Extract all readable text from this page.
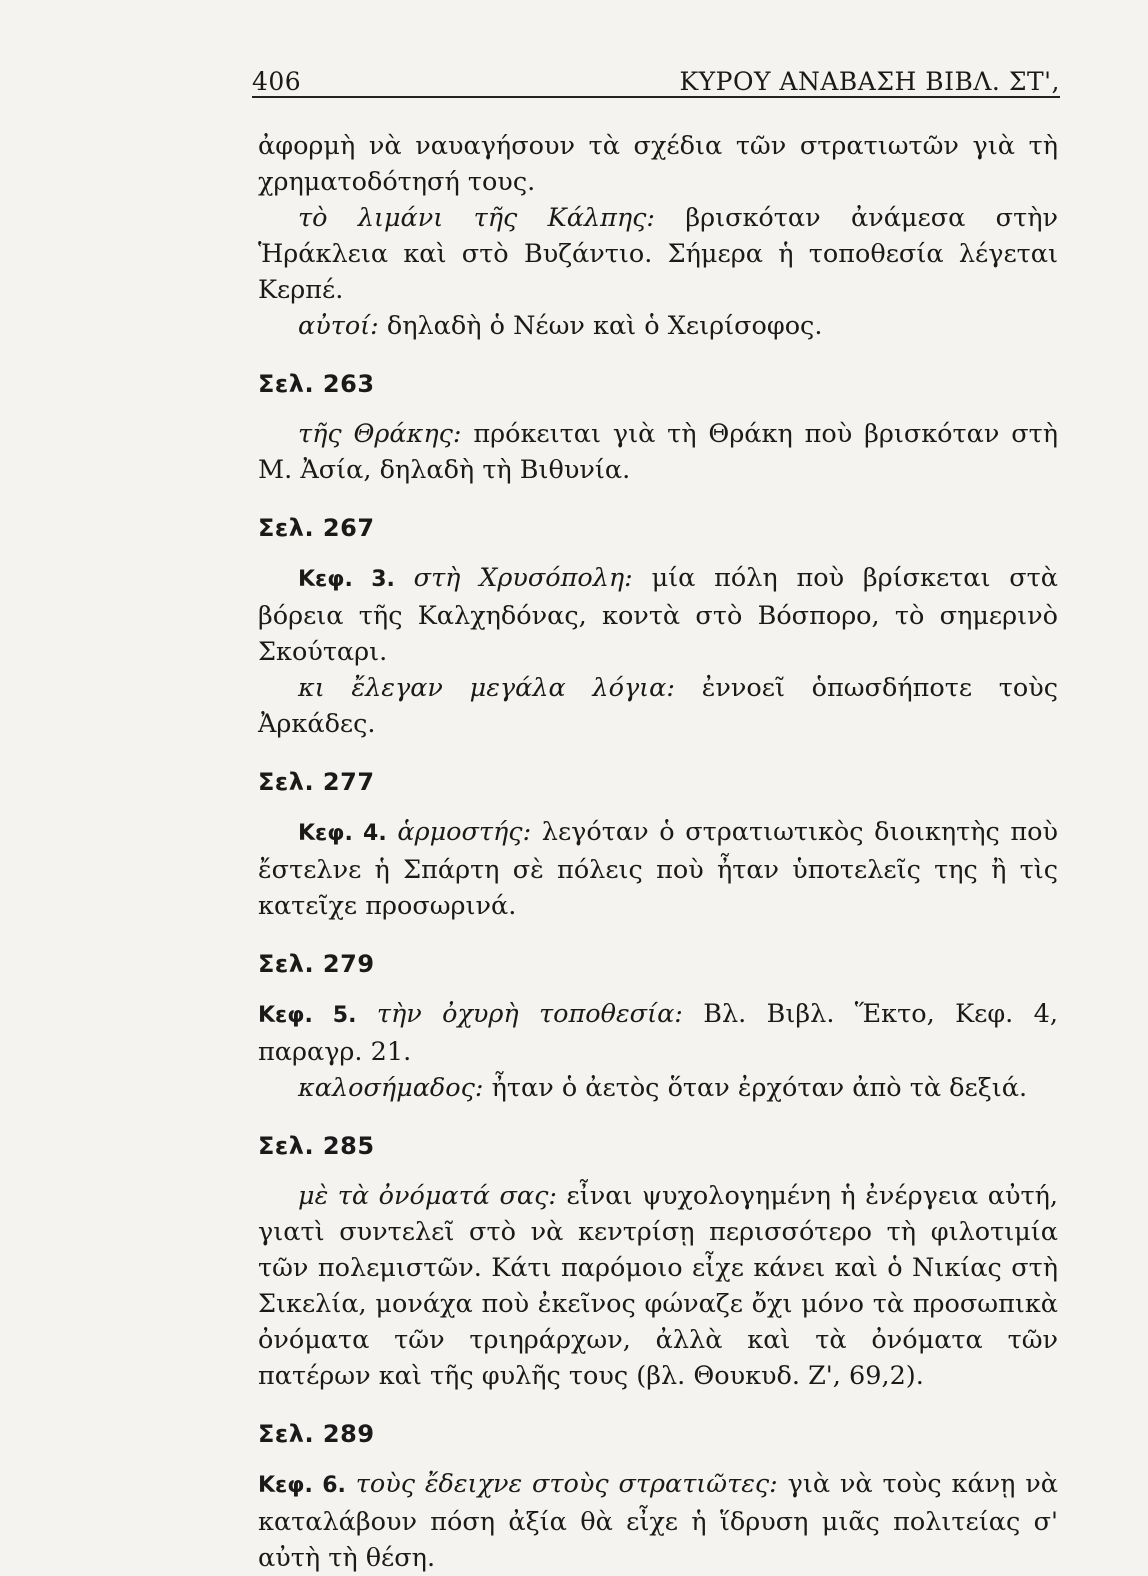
406	ΚΥΡΟΥ ΑΝΑΒΑΣΗ ΒΙΒΛ. ΣΤ',

ἀφορμὴ νὰ ναυαγήσουν τὰ σχέδια τῶν στρατιωτῶν γιὰ τὴ χρηματοδότησή τους.

τὸ λιμάνι τῆς Κάλπης: βρισκόταν ἀνάμεσα στὴν Ἡράκλεια καὶ στὸ Βυζάντιο. Σήμερα ἡ τοποθεσία λέγεται Κερπέ.

αὐτοί: δηλαδὴ ὁ Νέων καὶ ὁ Χειρίσοφος.

Σελ. 263

τῆς Θράκης: πρόκειται γιὰ τὴ Θράκη ποὺ βρισκόταν στὴ Μ. Ἀσία, δηλαδὴ τὴ Βιθυνία.

Σελ. 267

Κεφ. 3. στὴ Χρυσόπολη: μία πόλη ποὺ βρίσκεται στὰ βόρεια τῆς Καλχηδόνας, κοντὰ στὸ Βόσπορο, τὸ σημερινὸ Σκούταρι.

κι ἔλεγαν μεγάλα λόγια: ἐννοεῖ ὁπωσδήποτε τοὺς Ἀρκάδες.

Σελ. 277

Κεφ. 4. ἁρμοστής: λεγόταν ὁ στρατιωτικὸς διοικητὴς ποὺ ἔστελνε ἡ Σπάρτη σὲ πόλεις ποὺ ἦταν ὑποτελεῖς της ἢ τὶς κατεῖχε προσωρινά.

Σελ. 279

Κεφ. 5. τὴν ὀχυρὴ τοποθεσία: Βλ. Βιβλ. Ἕκτο, Κεφ. 4, παραγρ. 21.

καλοσήμαδος: ἦταν ὁ ἀετὸς ὅταν ἐρχόταν ἀπὸ τὰ δεξιά.

Σελ. 285

μὲ τὰ ὀνόματά σας: εἶναι ψυχολογημένη ἡ ἐνέργεια αὐτή, γιατὶ συντελεῖ στὸ νὰ κεντρίσῃ περισσότερο τὴ φιλοτιμία τῶν πολεμιστῶν. Κάτι παρόμοιο εἶχε κάνει καὶ ὁ Νικίας στὴ Σικελία, μονάχα ποὺ ἐκεῖνος φώναζε ὄχι μόνο τὰ προσωπικὰ ὀνόματα τῶν τριηράρχων, ἀλλὰ καὶ τὰ ὀνόματα τῶν πατέρων καὶ τῆς φυλῆς τους (βλ. Θουκυδ. Ζ', 69,2).

Σελ. 289

Κεφ. 6. τοὺς ἔδειχνε στοὺς στρατιῶτες: γιὰ νὰ τοὺς κάνῃ νὰ καταλάβουν πόση ἀξία θὰ εἶχε ἡ ἵδρυση μιᾶς πολιτείας σ' αὐτὴ τὴ θέση.
